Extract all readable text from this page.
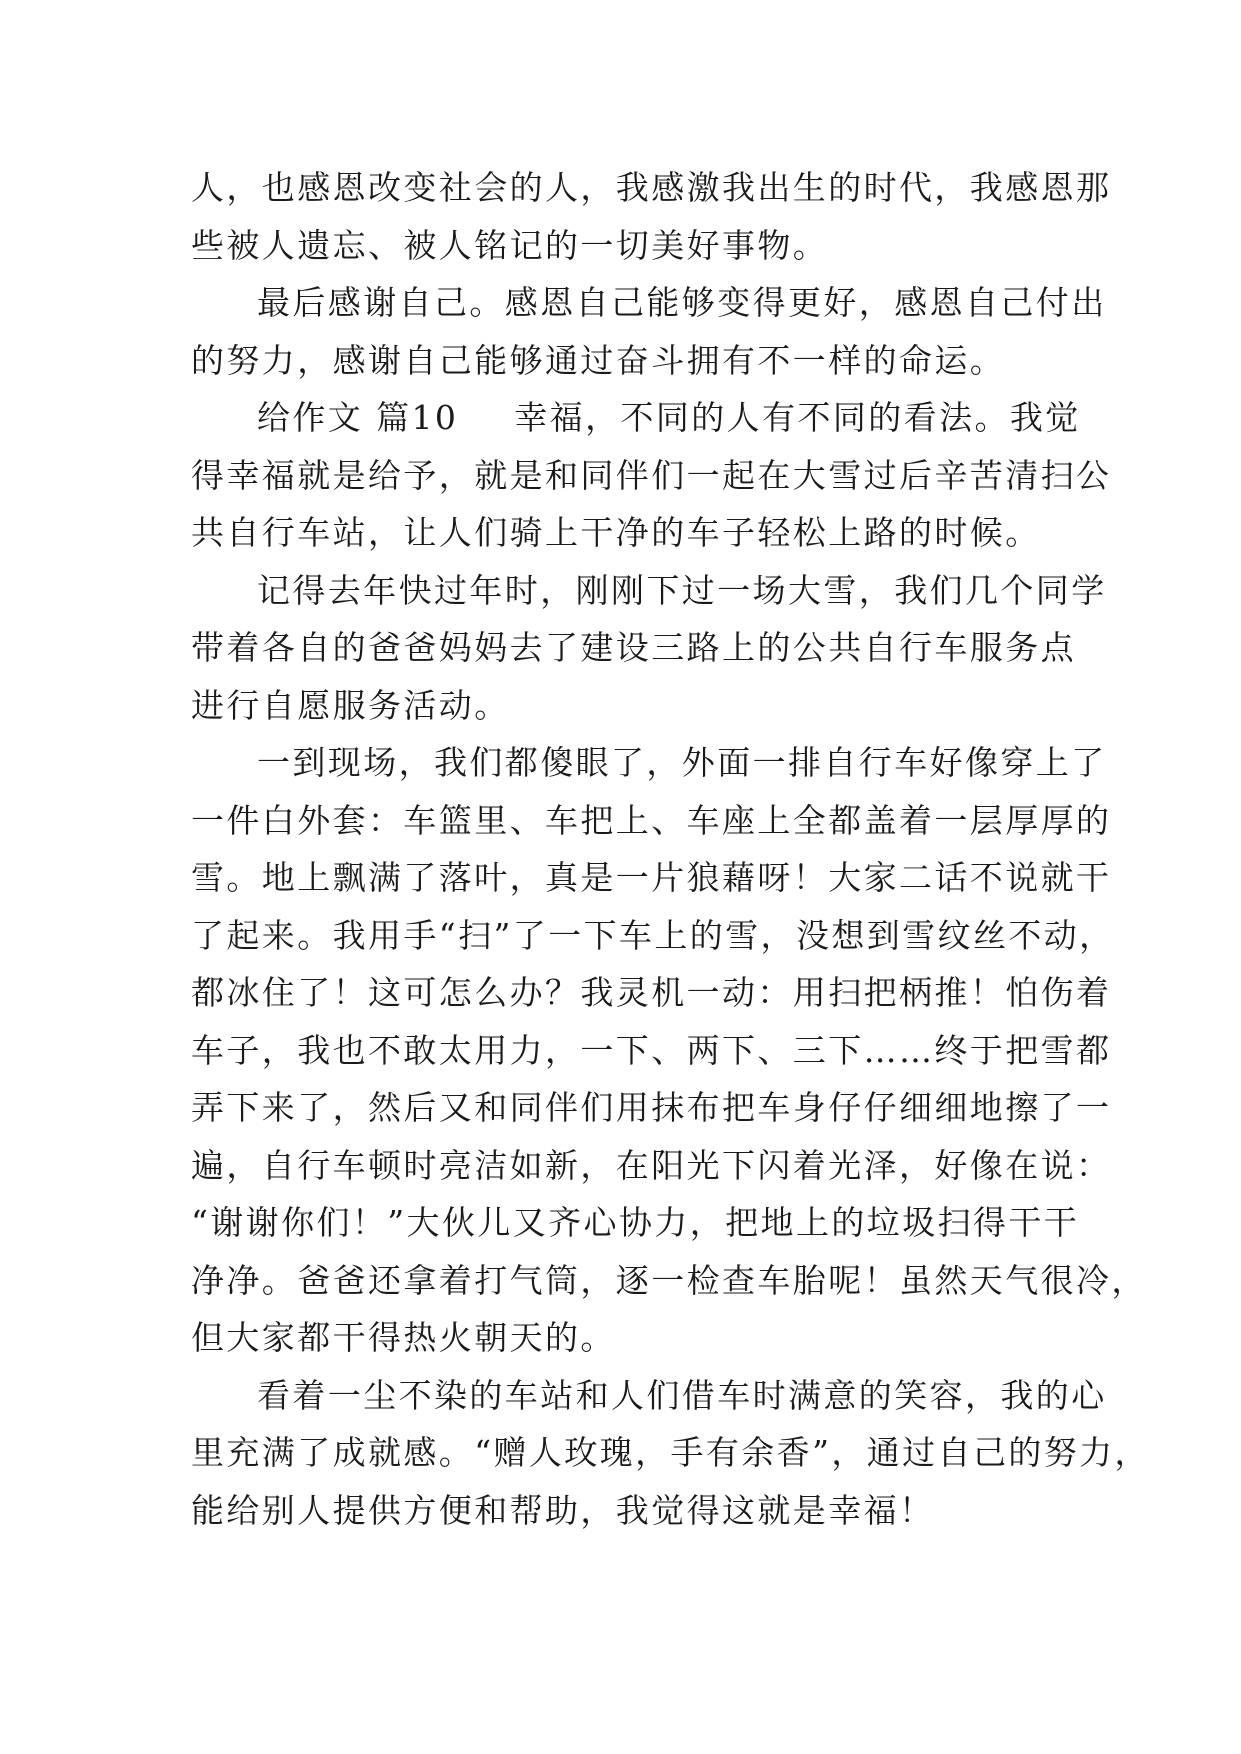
人，也感恩改变社会的人，我感激我出生的时代，我感恩那
些被人遗忘、被人铭记的一切美好事物。
最后感谢自己。感恩自己能够变得更好，感恩自己付出
的努力，感谢自己能够通过奋斗拥有不一样的命运。
给作文 篇10 幸福，不同的人有不同的看法。我觉
得幸福就是给予，就是和同伴们一起在大雪过后辛苦清扫公
共自行车站，让人们骑上干净的车子轻松上路的时候。
记得去年快过年时，刚刚下过一场大雪，我们几个同学
带着各自的爸爸妈妈去了建设三路上的公共自行车服务点
进行自愿服务活动。
一到现场，我们都傻眼了，外面一排自行车好像穿上了
一件白外套：车篮里、车把上、车座上全都盖着一层厚厚的
雪。地上飘满了落叶，真是一片狼藉呀！大家二话不说就干
了起来。我用手“扫”了一下车上的雪，没想到雪纹丝不动，
都冰住了！这可怎么办？我灵机一动：用扫把柄推！怕伤着
车子，我也不敢太用力，一下、两下、三下……终于把雪都
弄下来了，然后又和同伴们用抹布把车身仔仔细细地擦了一
遍，自行车顿时亮洁如新，在阳光下闪着光泽，好像在说：
“谢谢你们！”大伙儿又齐心协力，把地上的垃圾扫得干干
净净。爸爸还拿着打气筒，逐一检查车胎呢！虽然天气很冷，
但大家都干得热火朝天的。
看着一尘不染的车站和人们借车时满意的笑容，我的心
里充满了成就感。“赠人玫瑰，手有余香”，通过自己的努力，
能给别人提供方便和帮助，我觉得这就是幸福！
